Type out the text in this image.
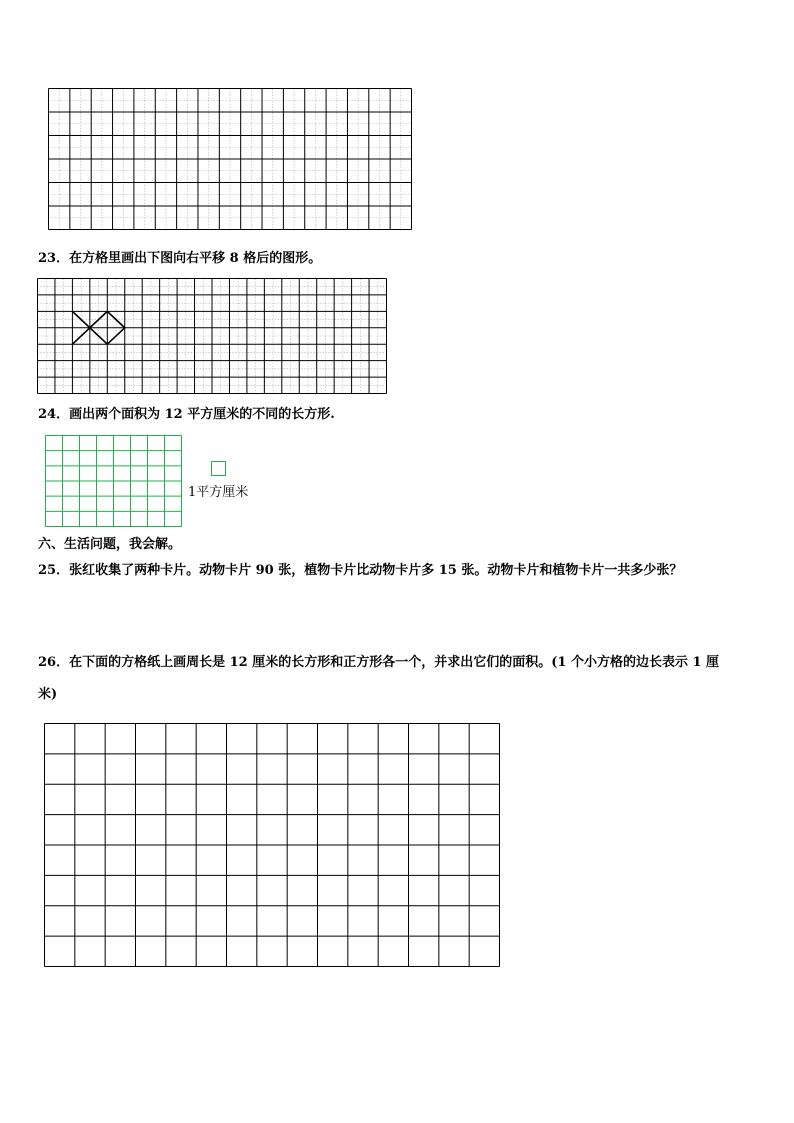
23．在方格里画出下图向右平移 8 格后的图形。
24．画出两个面积为 12 平方厘米的不同的长方形.
1平方厘米
六、生活问题，我会解。
25．张红收集了两种卡片。动物卡片 90 张，植物卡片比动物卡片多 15 张。动物卡片和植物卡片一共多少张？
26．在下面的方格纸上画周长是 12 厘米的长方形和正方形各一个，并求出它们的面积。(1 个小方格的边长表示 1 厘
米)
